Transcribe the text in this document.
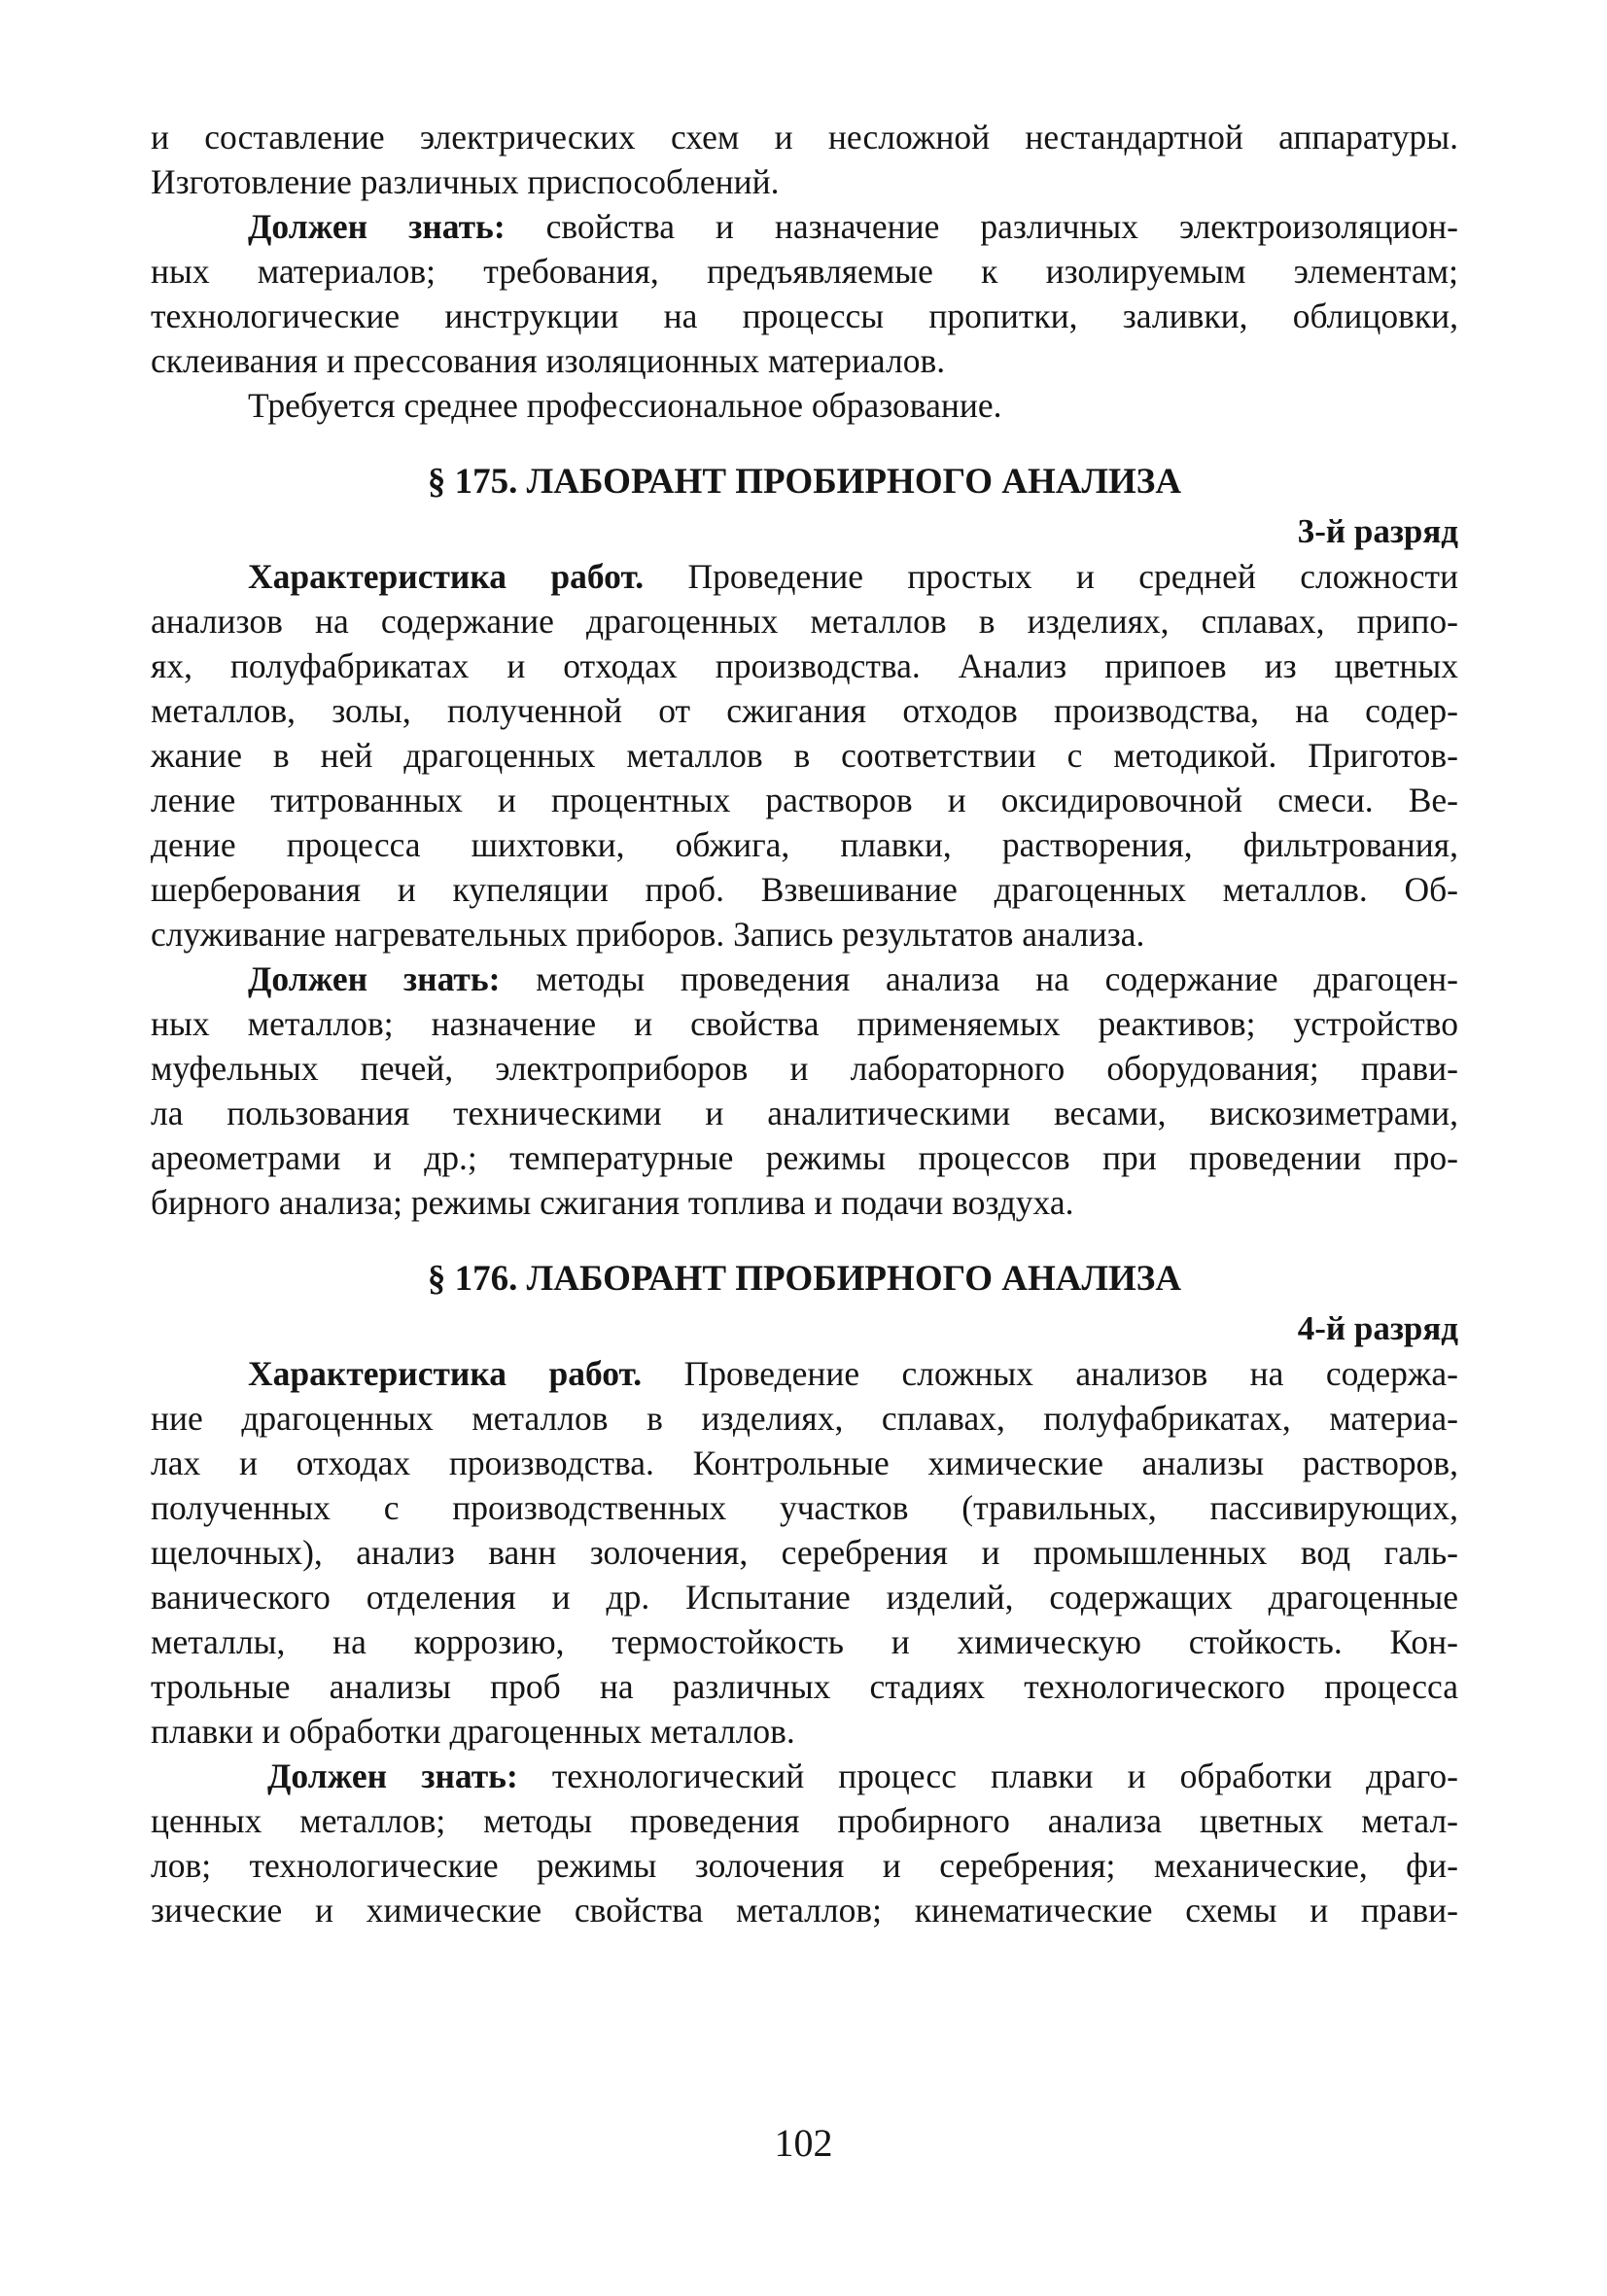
и составление электрических схем и несложной нестандартной аппаратуры.
Изготовление различных приспособлений.
Должен знать: свойства и назначение различных электроизоляцион-
ных материалов; требования, предъявляемые к изолируемым элементам;
технологические инструкции на процессы пропитки, заливки, облицовки,
склеивания и прессования изоляционных материалов.
Требуется среднее профессиональное образование.
§ 175. ЛАБОРАНТ ПРОБИРНОГО АНАЛИЗА
3-й разряд
Характеристика работ. Проведение простых и средней сложности
анализов на содержание драгоценных металлов в изделиях, сплавах, припо-
ях, полуфабрикатах и отходах производства. Анализ припоев из цветных
металлов, золы, полученной от сжигания отходов производства, на содер-
жание в ней драгоценных металлов в соответствии с методикой. Приготов-
ление титрованных и процентных растворов и оксидировочной смеси. Ве-
дение процесса шихтовки, обжига, плавки, растворения, фильтрования,
шерберования и купеляции проб. Взвешивание драгоценных металлов. Об-
служивание нагревательных приборов. Запись результатов анализа.
Должен знать: методы проведения анализа на содержание драгоцен-
ных металлов; назначение и свойства применяемых реактивов; устройство
муфельных печей, электроприборов и лабораторного оборудования; прави-
ла пользования техническими и аналитическими весами, вискозиметрами,
ареометрами и др.; температурные режимы процессов при проведении про-
бирного анализа; режимы сжигания топлива и подачи воздуха.
§ 176. ЛАБОРАНТ ПРОБИРНОГО АНАЛИЗА
4-й разряд
Характеристика работ. Проведение сложных анализов на содержа-
ние драгоценных металлов в изделиях, сплавах, полуфабрикатах, материа-
лах и отходах производства. Контрольные химические анализы растворов,
полученных с производственных участков (травильных, пассивирующих,
щелочных), анализ ванн золочения, серебрения и промышленных вод галь-
ванического отделения и др. Испытание изделий, содержащих драгоценные
металлы, на коррозию, термостойкость и химическую стойкость. Кон-
трольные анализы проб на различных стадиях технологического процесса
плавки и обработки драгоценных металлов.
Должен знать: технологический процесс плавки и обработки драго-
ценных металлов; методы проведения пробирного анализа цветных метал-
лов; технологические режимы золочения и серебрения; механические, фи-
зические и химические свойства металлов; кинематические схемы и прави-
102
